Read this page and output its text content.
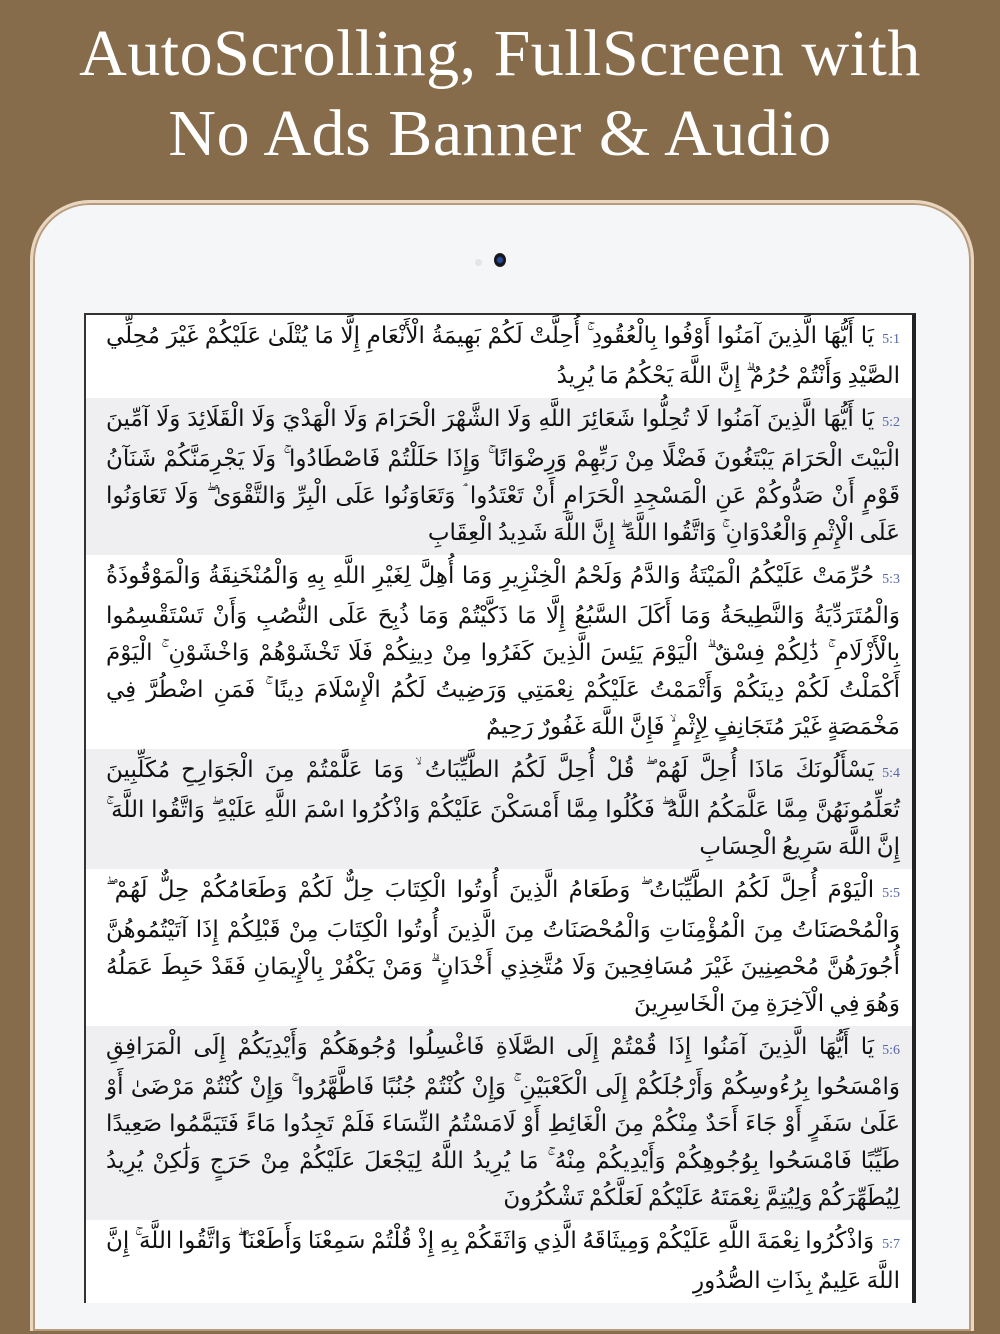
AutoScrolling, FullScreen with
No Ads Banner & Audio
5:1يَا أَيُّهَا الَّذِينَ آمَنُوا أَوْفُوا بِالْعُقُودِ ۚ أُحِلَّتْ لَكُمْ بَهِيمَةُ الْأَنْعَامِ إِلَّا مَا يُتْلَىٰ عَلَيْكُمْ غَيْرَ مُحِلِّي الصَّيْدِ وَأَنْتُمْ حُرُمٌ ۗ إِنَّ اللَّهَ يَحْكُمُ مَا يُرِيدُ
5:2يَا أَيُّهَا الَّذِينَ آمَنُوا لَا تُحِلُّوا شَعَائِرَ اللَّهِ وَلَا الشَّهْرَ الْحَرَامَ وَلَا الْهَدْيَ وَلَا الْقَلَائِدَ وَلَا آمِّينَ الْبَيْتَ الْحَرَامَ يَبْتَغُونَ فَضْلًا مِنْ رَبِّهِمْ وَرِضْوَانًا ۚ وَإِذَا حَلَلْتُمْ فَاصْطَادُوا ۚ وَلَا يَجْرِمَنَّكُمْ شَنَآنُ قَوْمٍ أَنْ صَدُّوكُمْ عَنِ الْمَسْجِدِ الْحَرَامِ أَنْ تَعْتَدُوا ۘ وَتَعَاوَنُوا عَلَى الْبِرِّ وَالتَّقْوَىٰ ۖ وَلَا تَعَاوَنُوا عَلَى الْإِثْمِ وَالْعُدْوَانِ ۚ وَاتَّقُوا اللَّهَ ۖ إِنَّ اللَّهَ شَدِيدُ الْعِقَابِ
5:3حُرِّمَتْ عَلَيْكُمُ الْمَيْتَةُ وَالدَّمُ وَلَحْمُ الْخِنْزِيرِ وَمَا أُهِلَّ لِغَيْرِ اللَّهِ بِهِ وَالْمُنْخَنِقَةُ وَالْمَوْقُوذَةُ وَالْمُتَرَدِّيَةُ وَالنَّطِيحَةُ وَمَا أَكَلَ السَّبُعُ إِلَّا مَا ذَكَّيْتُمْ وَمَا ذُبِحَ عَلَى النُّصُبِ وَأَنْ تَسْتَقْسِمُوا بِالْأَزْلَامِ ۚ ذَٰلِكُمْ فِسْقٌ ۗ الْيَوْمَ يَئِسَ الَّذِينَ كَفَرُوا مِنْ دِينِكُمْ فَلَا تَخْشَوْهُمْ وَاخْشَوْنِ ۚ الْيَوْمَ أَكْمَلْتُ لَكُمْ دِينَكُمْ وَأَتْمَمْتُ عَلَيْكُمْ نِعْمَتِي وَرَضِيتُ لَكُمُ الْإِسْلَامَ دِينًا ۚ فَمَنِ اضْطُرَّ فِي مَخْمَصَةٍ غَيْرَ مُتَجَانِفٍ لِإِثْمٍ ۙ فَإِنَّ اللَّهَ غَفُورٌ رَحِيمٌ
5:4يَسْأَلُونَكَ مَاذَا أُحِلَّ لَهُمْ ۖ قُلْ أُحِلَّ لَكُمُ الطَّيِّبَاتُ ۙ وَمَا عَلَّمْتُمْ مِنَ الْجَوَارِحِ مُكَلِّبِينَ تُعَلِّمُونَهُنَّ مِمَّا عَلَّمَكُمُ اللَّهُ ۖ فَكُلُوا مِمَّا أَمْسَكْنَ عَلَيْكُمْ وَاذْكُرُوا اسْمَ اللَّهِ عَلَيْهِ ۖ وَاتَّقُوا اللَّهَ ۚ إِنَّ اللَّهَ سَرِيعُ الْحِسَابِ
5:5الْيَوْمَ أُحِلَّ لَكُمُ الطَّيِّبَاتُ ۖ وَطَعَامُ الَّذِينَ أُوتُوا الْكِتَابَ حِلٌّ لَكُمْ وَطَعَامُكُمْ حِلٌّ لَهُمْ ۖ وَالْمُحْصَنَاتُ مِنَ الْمُؤْمِنَاتِ وَالْمُحْصَنَاتُ مِنَ الَّذِينَ أُوتُوا الْكِتَابَ مِنْ قَبْلِكُمْ إِذَا آتَيْتُمُوهُنَّ أُجُورَهُنَّ مُحْصِنِينَ غَيْرَ مُسَافِحِينَ وَلَا مُتَّخِذِي أَخْدَانٍ ۗ وَمَنْ يَكْفُرْ بِالْإِيمَانِ فَقَدْ حَبِطَ عَمَلُهُ وَهُوَ فِي الْآخِرَةِ مِنَ الْخَاسِرِينَ
5:6يَا أَيُّهَا الَّذِينَ آمَنُوا إِذَا قُمْتُمْ إِلَى الصَّلَاةِ فَاغْسِلُوا وُجُوهَكُمْ وَأَيْدِيَكُمْ إِلَى الْمَرَافِقِ وَامْسَحُوا بِرُءُوسِكُمْ وَأَرْجُلَكُمْ إِلَى الْكَعْبَيْنِ ۚ وَإِنْ كُنْتُمْ جُنُبًا فَاطَّهَّرُوا ۚ وَإِنْ كُنْتُمْ مَرْضَىٰ أَوْ عَلَىٰ سَفَرٍ أَوْ جَاءَ أَحَدٌ مِنْكُمْ مِنَ الْغَائِطِ أَوْ لَامَسْتُمُ النِّسَاءَ فَلَمْ تَجِدُوا مَاءً فَتَيَمَّمُوا صَعِيدًا طَيِّبًا فَامْسَحُوا بِوُجُوهِكُمْ وَأَيْدِيكُمْ مِنْهُ ۚ مَا يُرِيدُ اللَّهُ لِيَجْعَلَ عَلَيْكُمْ مِنْ حَرَجٍ وَلَٰكِنْ يُرِيدُ لِيُطَهِّرَكُمْ وَلِيُتِمَّ نِعْمَتَهُ عَلَيْكُمْ لَعَلَّكُمْ تَشْكُرُونَ
5:7وَاذْكُرُوا نِعْمَةَ اللَّهِ عَلَيْكُمْ وَمِيثَاقَهُ الَّذِي وَاثَقَكُمْ بِهِ إِذْ قُلْتُمْ سَمِعْنَا وَأَطَعْنَا ۖ وَاتَّقُوا اللَّهَ ۚ إِنَّ اللَّهَ عَلِيمٌ بِذَاتِ الصُّدُورِ
